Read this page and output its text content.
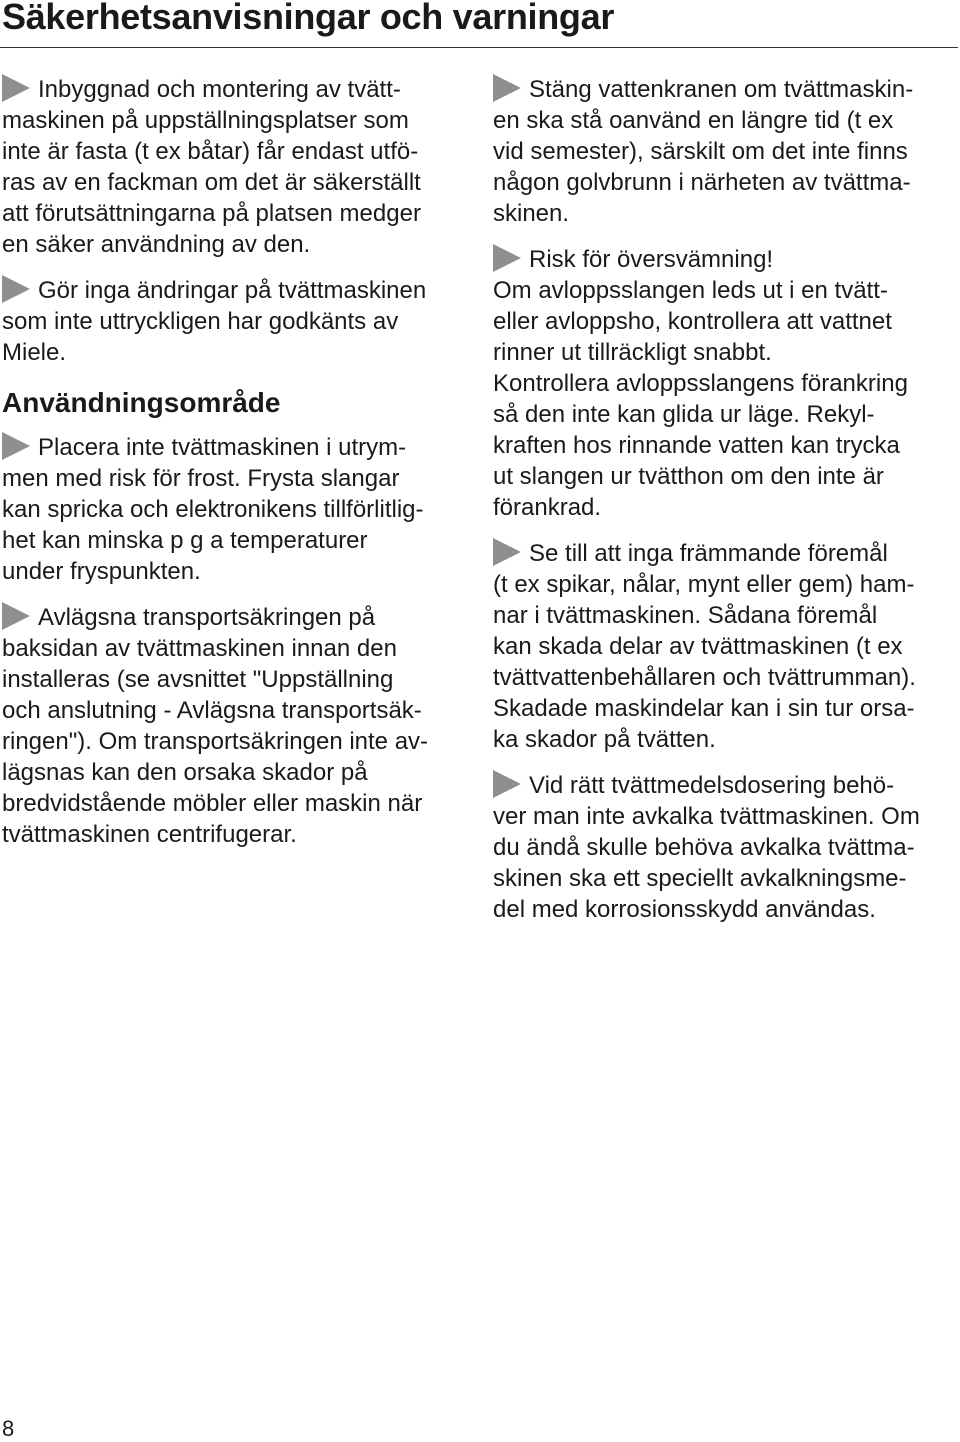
Säkerhetsanvisningar och varningar
Inbyggnad och montering av tvätt-
maskinen på uppställningsplatser som
inte är fasta (t ex båtar) får endast utfö-
ras av en fackman om det är säkerställt
att förutsättningarna på platsen medger
en säker användning av den.
Gör inga ändringar på tvättmaskinen
som inte uttryckligen har godkänts av
Miele.
Användningsområde
Placera inte tvättmaskinen i utrym-
men med risk för frost. Frysta slangar
kan spricka och elektronikens tillförlitlig-
het kan minska p g a temperaturer
under fryspunkten.
Avlägsna transportsäkringen på
baksidan av tvättmaskinen innan den
installeras (se avsnittet "Uppställning
och anslutning - Avlägsna transportsäk-
ringen"). Om transportsäkringen inte av-
lägsnas kan den orsaka skador på
bredvidstående möbler eller maskin när
tvättmaskinen centrifugerar.
Stäng vattenkranen om tvättmaskin-
en ska stå oanvänd en längre tid (t ex
vid semester), särskilt om det inte finns
någon golvbrunn i närheten av tvättma-
skinen.
Risk för översvämning!
Om avloppsslangen leds ut i en tvätt-
eller avloppsho, kontrollera att vattnet
rinner ut tillräckligt snabbt.
Kontrollera avloppsslangens förankring
så den inte kan glida ur läge. Rekyl-
kraften hos rinnande vatten kan trycka
ut slangen ur tvätthon om den inte är
förankrad.
Se till att inga främmande föremål
(t ex spikar, nålar, mynt eller gem) ham-
nar i tvättmaskinen. Sådana föremål
kan skada delar av tvättmaskinen (t ex
tvättvattenbehållaren och tvättrumman).
Skadade maskindelar kan i sin tur orsa-
ka skador på tvätten.
Vid rätt tvättmedelsdosering behö-
ver man inte avkalka tvättmaskinen. Om
du ändå skulle behöva avkalka tvättma-
skinen ska ett speciellt avkalkningsme-
del med korrosionsskydd användas.
8
